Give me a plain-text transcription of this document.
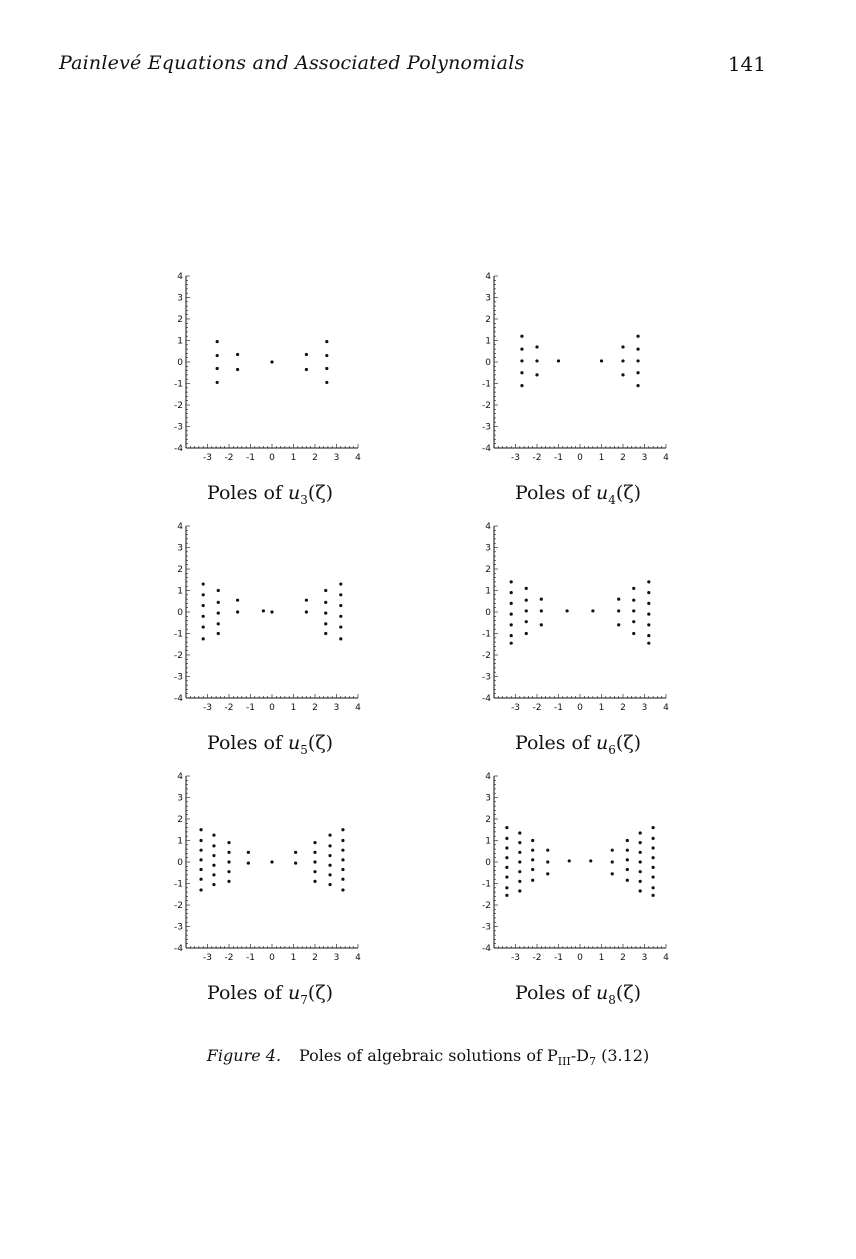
Painlevé Equations and Associated Polynomials	141
4
3
2
1
0
-1
-2
-3
-4
-3 -2 -1 0 1 2 3 4
Poles of $u_3(\zeta)$
4
3
2
1
0
-1
-2
-3
-4
-3 -2 -1 0 1 2 3 4
Poles of $u_4(\zeta)$
4
3
2
1
0
-1
-2
-3
-4
-3 -2 -1 0 1 2 3 4
Poles of $u_5(\zeta)$
4
3
2
1
0
-1
-2
-3
-4
-3 -2 -1 0 1 2 3 4
Poles of $u_6(\zeta)$
4
3
2
1
0
-1
-2
-3
-4
-3 -2 -1 0 1 2 3 4
Poles of $u_7(\zeta)$
4
3
2
1
0
-1
-2
-3
-4
-3 -2 -1 0 1 2 3 4
Poles of $u_8(\zeta)$
Figure 4. Poles of algebraic solutions of $P_{III}-D_7$ (3.12)
